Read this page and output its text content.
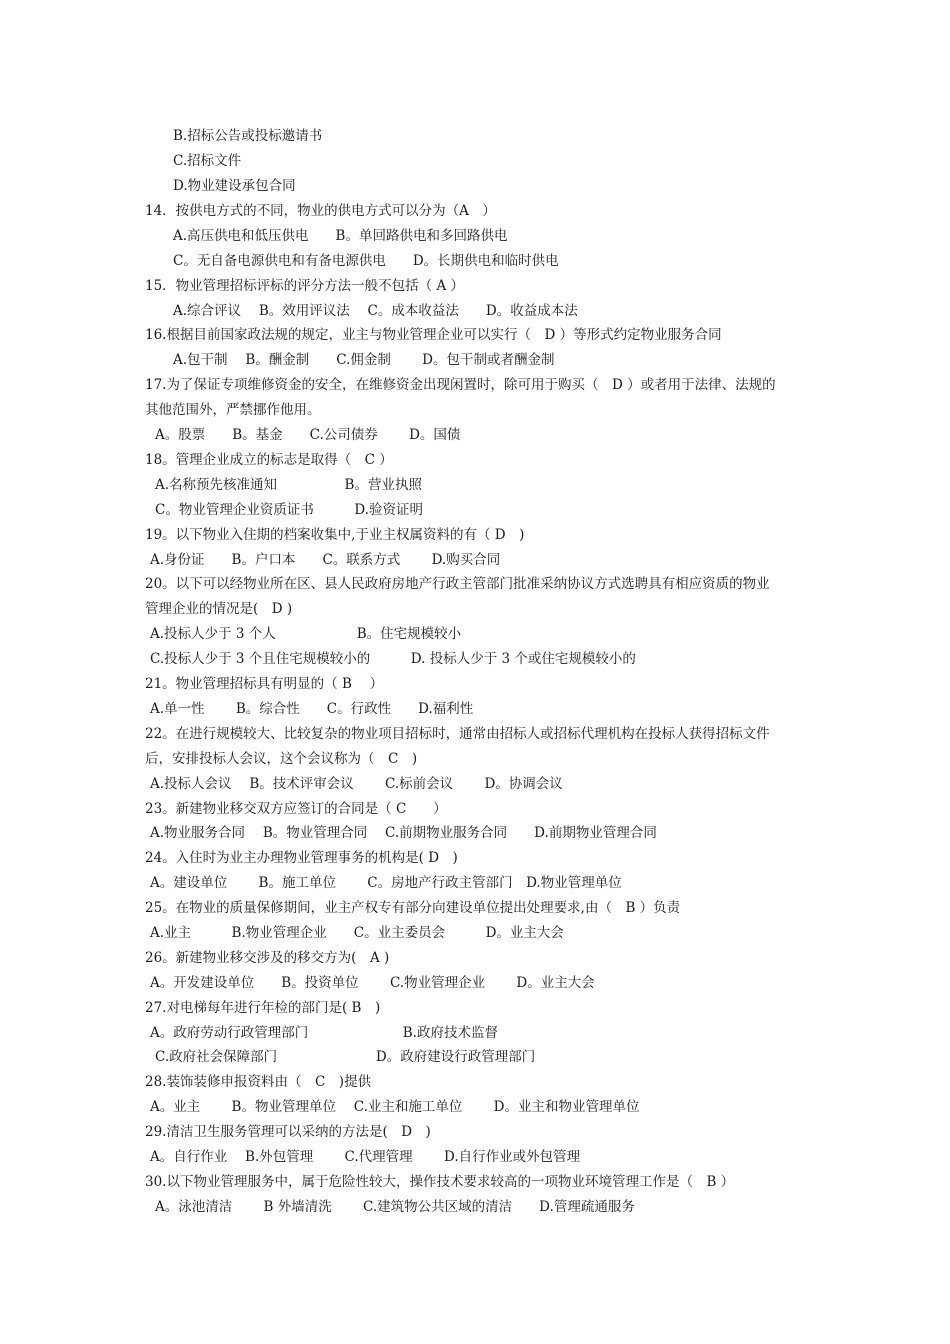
B.招标公告或投标邀请书
C.招标文件
D.物业建设承包合同
14．按供电方式的不同，物业的供电方式可以分为（A　）
A.高压供电和低压供电　　B。单回路供电和多回路供电
C。无自备电源供电和有备电源供电　　D。长期供电和临时供电
15．物业管理招标评标的评分方法一般不包括（ A ）
A.综合评议　 B。效用评议法　 C。成本收益法　　D。收益成本法
16.根据目前国家政法规的规定，业主与物业管理企业可以实行（　D ）等形式约定物业服务合同
A.包干制　 B。酬金制　　C.佣金制　　 D。包干制或者酬金制
17.为了保证专项维修资金的安全，在维修资金出现闲置时，除可用于购买（　D ）或者用于法律、法规的
其他范围外，严禁挪作他用。
A。股票　　B。基金　　C.公司债券　　 D。国债
18。管理企业成立的标志是取得（　C ）
A.名称预先核准通知　　　　　B。营业执照
C。物业管理企业资质证书　　　D.验资证明
19。以下物业入住期的档案收集中,于业主权属资料的有（ D　)
A.身份证　　B。户口本　　C。联系方式　　 D.购买合同
20。以下可以经物业所在区、县人民政府房地产行政主管部门批准采纳协议方式选聘具有相应资质的物业
管理企业的情况是(　D )
A.投标人少于 3 个人　　　　　　B。住宅规模较小
C.投标人少于 3 个且住宅规模较小的　　　D. 投标人少于 3 个或住宅规模较小的
21。物业管理招标具有明显的（ B　 ）
A.单一性　　 B。综合性　　C。行政性　　D.福利性
22。在进行规模较大、比较复杂的物业项目招标时，通常由招标人或招标代理机构在投标人获得招标文件
后，安排投标人会议，这个会议称为（　C　)
A.投标人会议　 B。技术评审会议　　 C.标前会议　　 D。协调会议
23。新建物业移交双方应签订的合同是（ C　　）
A.物业服务合同　 B。物业管理合同　 C.前期物业服务合同　　D.前期物业管理合同
24。入住时为业主办理物业管理事务的机构是( D　)
A。建设单位　　 B。施工单位　　 C。房地产行政主管部门　D.物业管理单位
25。在物业的质量保修期间，业主产权专有部分向建设单位提出处理要求,由（　B ）负责
A.业主　　　B.物业管理企业　　C。业主委员会　　　D。业主大会
26。新建物业移交涉及的移交方为(　A )
A。开发建设单位　　B。投资单位　　 C.物业管理企业　　 D。业主大会
27.对电梯每年进行年检的部门是( B　)
A。政府劳动行政管理部门　　　　　　　B.政府技术监督
C.政府社会保障部门　　　　　　　 D。政府建设行政管理部门
28.装饰装修申报资料由（　C　)提供
A。业主　　 B。物业管理单位　 C.业主和施工单位　　 D。业主和物业管理单位
29.清洁卫生服务管理可以采纳的方法是(　D　)
A。自行作业　 B.外包管理　　 C.代理管理　　 D.自行作业或外包管理
30.以下物业管理服务中，属于危险性较大，操作技术要求较高的一项物业环境管理工作是（　B ）
A。泳池清洁　　 B 外墙清洗　　 C.建筑物公共区域的清洁　　D.管理疏通服务
